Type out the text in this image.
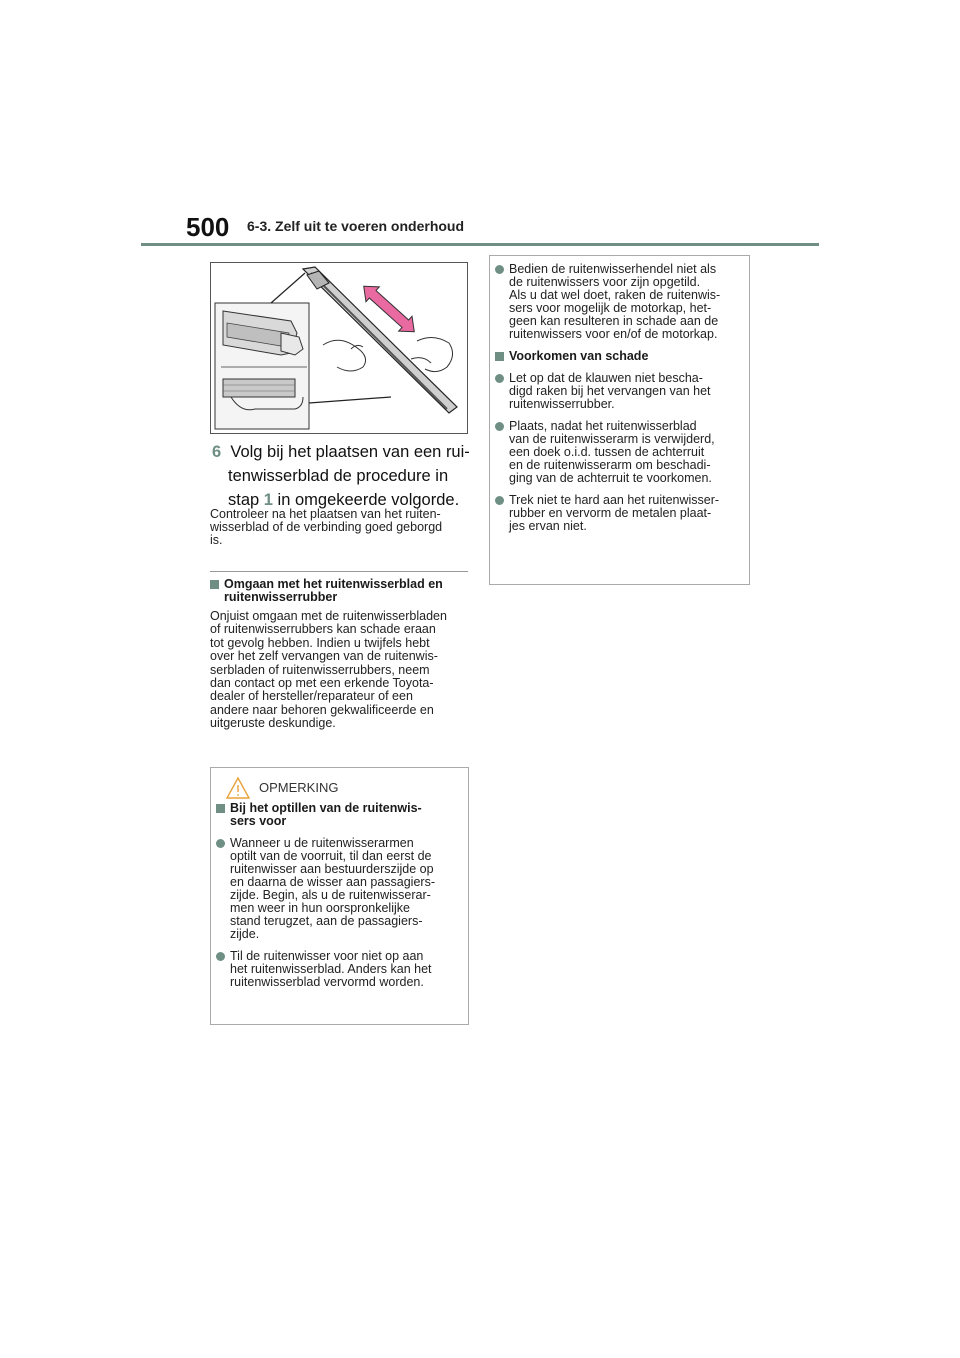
500 6-3. Zelf uit te voeren onderhoud
6 Volg bij het plaatsen van een rui-
tenwisserblad de procedure in
stap 1 in omgekeerde volgorde.
Controleer na het plaatsen van het ruiten-
wisserblad of de verbinding goed geborgd
is.
Omgaan met het ruitenwisserblad en
ruitenwisserrubber

Onjuist omgaan met de ruitenwisserbladen
of ruitenwisserrubbers kan schade eraan
tot gevolg hebben. Indien u twijfels hebt
over het zelf vervangen van de ruitenwis-
serbladen of ruitenwisserrubbers, neem
dan contact op met een erkende Toyota-
dealer of hersteller/reparateur of een
andere naar behoren gekwalificeerde en
uitgeruste deskundige.

OPMERKING
Bij het optillen van de ruitenwis-
sers voor
Wanneer u de ruitenwisserarmen
optilt van de voorruit, til dan eerst de
ruitenwisser aan bestuurderszijde op
en daarna de wisser aan passagiers-
zijde. Begin, als u de ruitenwisserar-
men weer in hun oorspronkelijke
stand terugzet, aan de passagiers-
zijde.
Til de ruitenwisser voor niet op aan
het ruitenwisserblad. Anders kan het
ruitenwisserblad vervormd worden.
Bedien de ruitenwisserhendel niet als
de ruitenwissers voor zijn opgetild.
Als u dat wel doet, raken de ruitenwis-
sers voor mogelijk de motorkap, het-
geen kan resulteren in schade aan de
ruitenwissers voor en/of de motorkap.
Voorkomen van schade
Let op dat de klauwen niet bescha-
digd raken bij het vervangen van het
ruitenwisserrubber.
Plaats, nadat het ruitenwisserblad
van de ruitenwisserarm is verwijderd,
een doek o.i.d. tussen de achterruit
en de ruitenwisserarm om beschadi-
ging van de achterruit te voorkomen.
Trek niet te hard aan het ruitenwisser-
rubber en vervorm de metalen plaat-
jes ervan niet.
